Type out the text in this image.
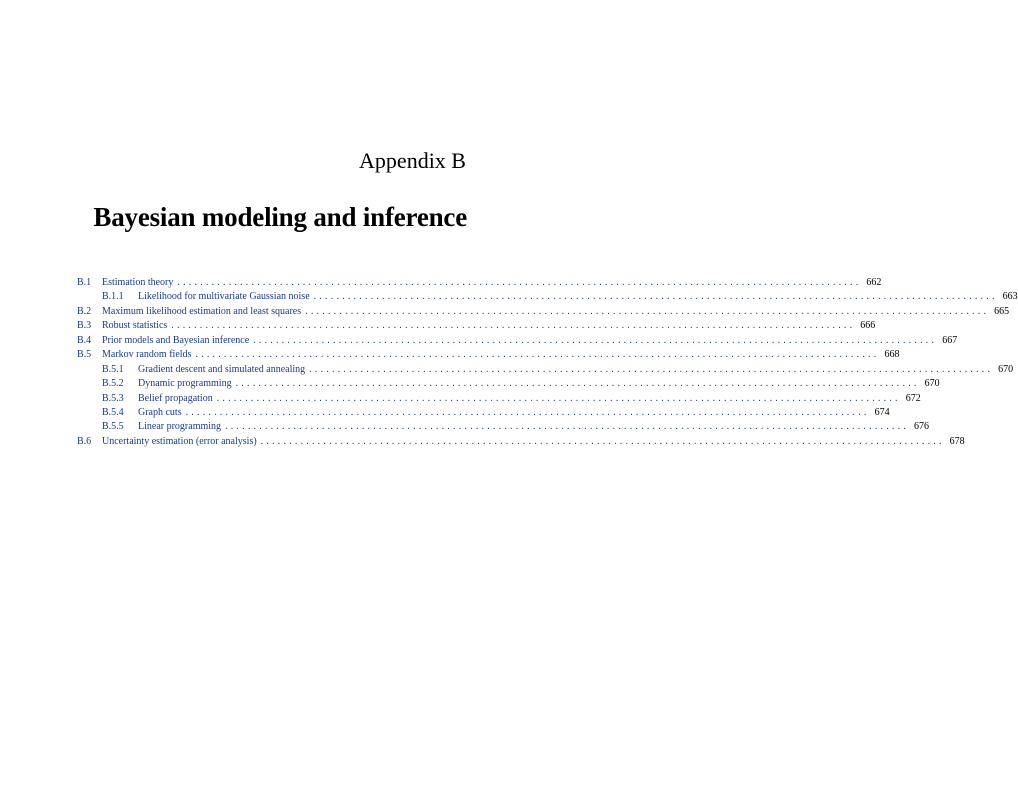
Appendix B
Bayesian modeling and inference
B.1	Estimation theory ........................................................................................................................ 662
B.1.1	Likelihood for multivariate Gaussian noise ........................................................................................................................ 663
B.2	Maximum likelihood estimation and least squares ........................................................................................................................ 665
B.3	Robust statistics ........................................................................................................................ 666
B.4	Prior models and Bayesian inference ........................................................................................................................ 667
B.5	Markov random fields ........................................................................................................................ 668
B.5.1	Gradient descent and simulated annealing ........................................................................................................................ 670
B.5.2	Dynamic programming ........................................................................................................................ 670
B.5.3	Belief propagation ........................................................................................................................ 672
B.5.4	Graph cuts ........................................................................................................................ 674
B.5.5	Linear programming ........................................................................................................................ 676
B.6	Uncertainty estimation (error analysis) ........................................................................................................................ 678
